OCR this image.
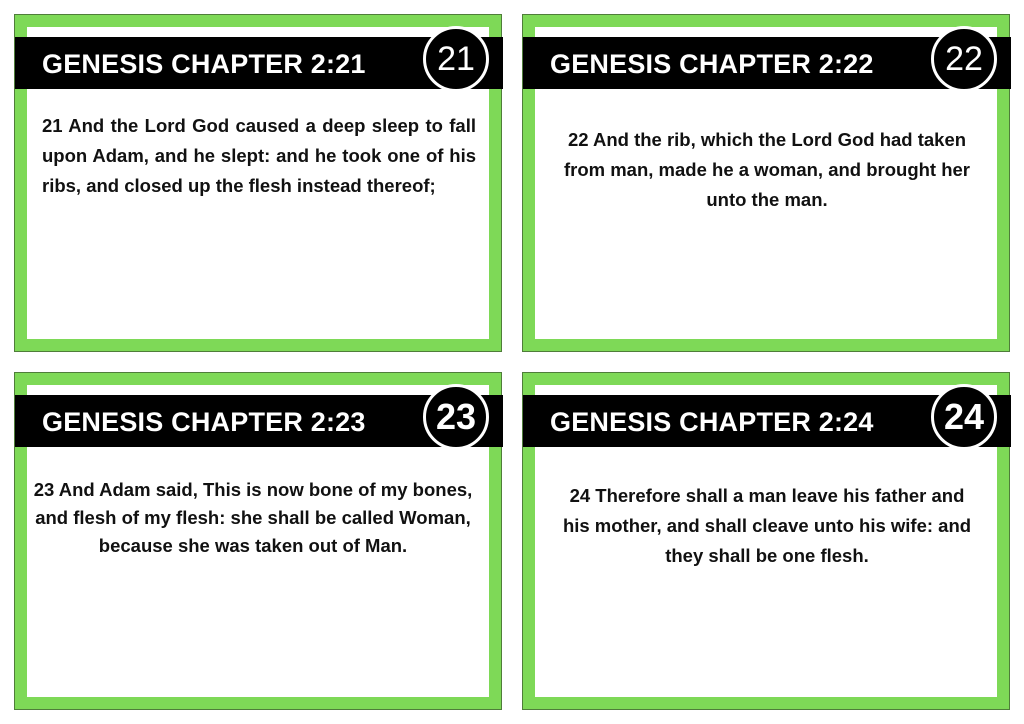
GENESIS CHAPTER 2:21	21
21 And the Lord God caused a deep sleep to fall upon Adam, and he slept: and he took one of his ribs, and closed up the flesh instead thereof;
GENESIS CHAPTER 2:22	22
22 And the rib, which the Lord God had taken from man, made he a woman, and brought her unto the man.
GENESIS CHAPTER 2:23	23
23 And Adam said, This is now bone of my bones, and flesh of my flesh: she shall be called Woman, because she was taken out of Man.
GENESIS CHAPTER 2:24	24
24 Therefore shall a man leave his father and his mother, and shall cleave unto his wife: and they shall be one flesh.
